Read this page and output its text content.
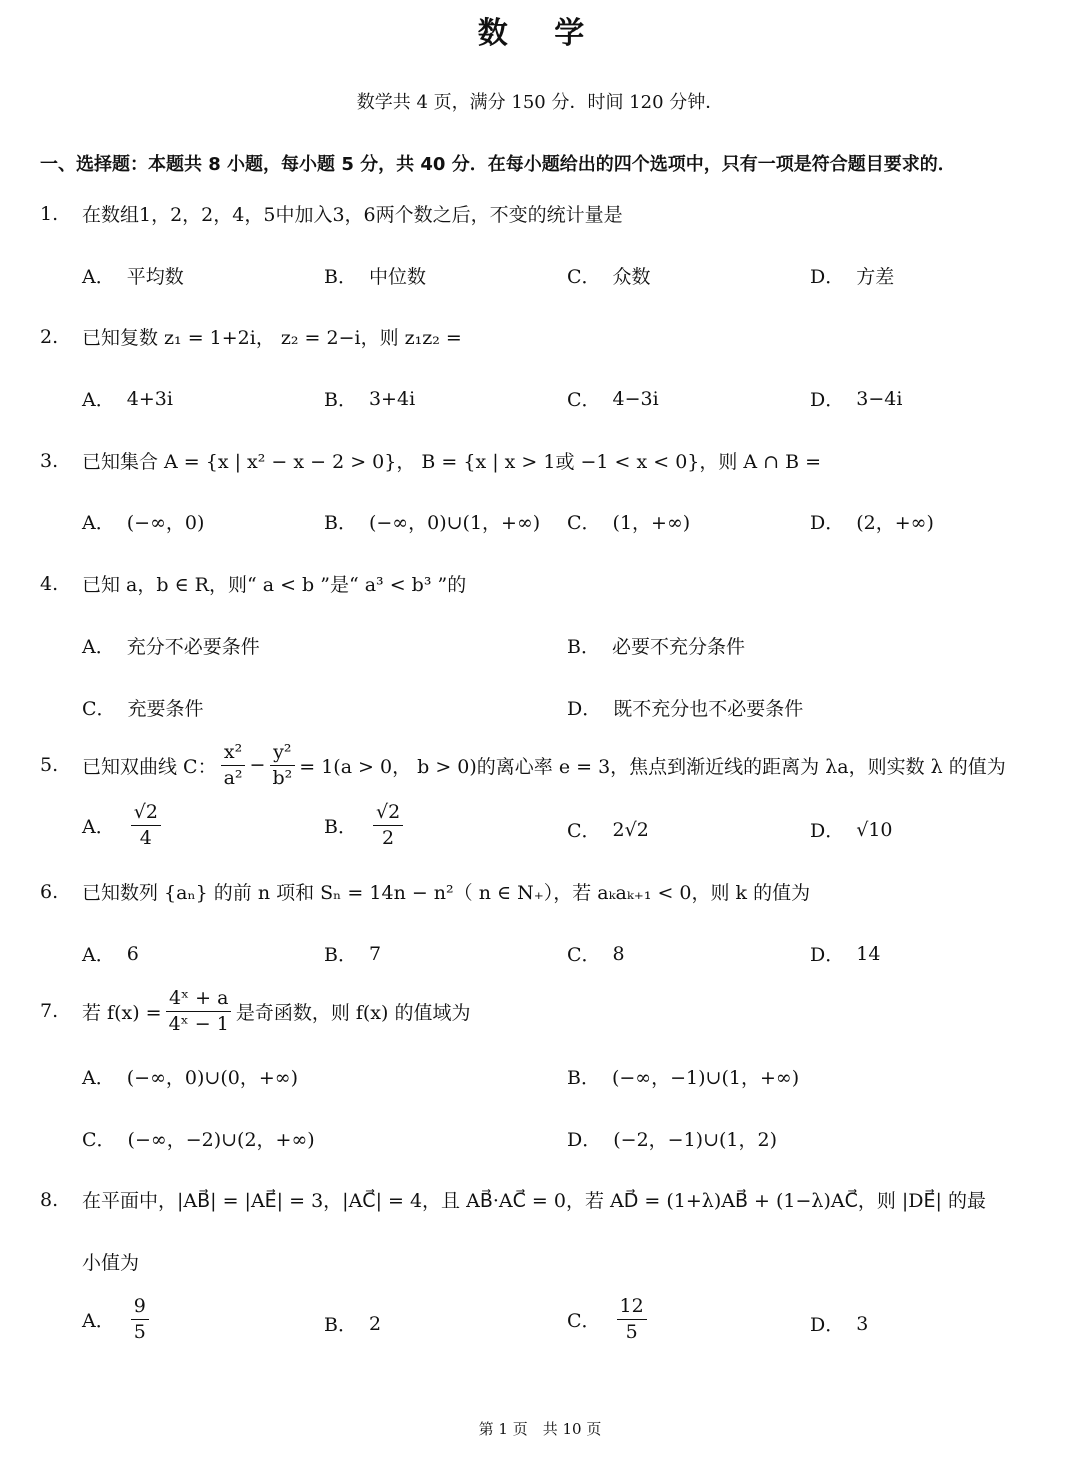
数 学
数学共 4 页，满分 150 分．时间 120 分钟．
一、选择题：本题共 8 小题，每小题 5 分，共 40 分．在每小题给出的四个选项中，只有一项是符合题目要求的．
1.	在数组1，2，2，4，5中加入3，6两个数之后，不变的统计量是
A． 平均数	B． 中位数	C． 众数	D． 方差
2.	已知复数 z₁ = 1+2i， z₂ = 2−i，则 z₁z₂ =
A． 4+3i	B． 3+4i	C． 4−3i	D． 3−4i
3.	已知集合 A = {x | x² − x − 2 > 0}， B = {x | x > 1或 −1 < x < 0}，则 A ∩ B =
A． (−∞，0)	B． (−∞，0)∪(1，+∞) C． (1，+∞)	D． (2，+∞)
4.	已知 a，b ∈ R，则“ a < b ”是“ a³ < b³ ”的
A． 充分不必要条件	B． 必要不充分条件
C． 充要条件	D． 既不充分也不必要条件
5.	已知双曲线 C： $\frac{\text{x²}}{\text{a²}} - \frac{\text{y²}}{\text{b²}} = 1(a > 0$， b > 0)的离心率 e = 3，焦点到渐近线的距离为 λa，则实数 λ 的值为
A． $\frac{√2}{4}$	B． $\frac{√2}{2}$	C． 2√2	D． √10
6.	已知数列 {aₙ} 的前 n 项和 Sₙ = 14n − n²（ n ∈ N₊），若 aₖaₖ₊₁ < 0，则 k 的值为
A． 6	B． 7	C． 8	D． 14
7.	若 $f(x) = \frac{\text{4ˣ + a}}{\text{4ˣ − 1}}$ 是奇函数，则 f(x) 的值域为
A． (−∞，0)∪(0，+∞)	B． (−∞，−1)∪(1，+∞)
C． (−∞，−2)∪(2，+∞)	D． (−2，−1)∪(1，2)
8.	在平面中，|AB⃗| = |AE⃗| = 3，|AC⃗| = 4，且 AB⃗·AC⃗ = 0，若 AD⃗ = (1+λ)AB⃗ + (1−λ)AC⃗，则 |DE⃗| 的最
小值为
A． $\frac{9}{5}$	B． 2	C． $\frac{12}{5}$	D． 3
第 1 页　共 10 页
